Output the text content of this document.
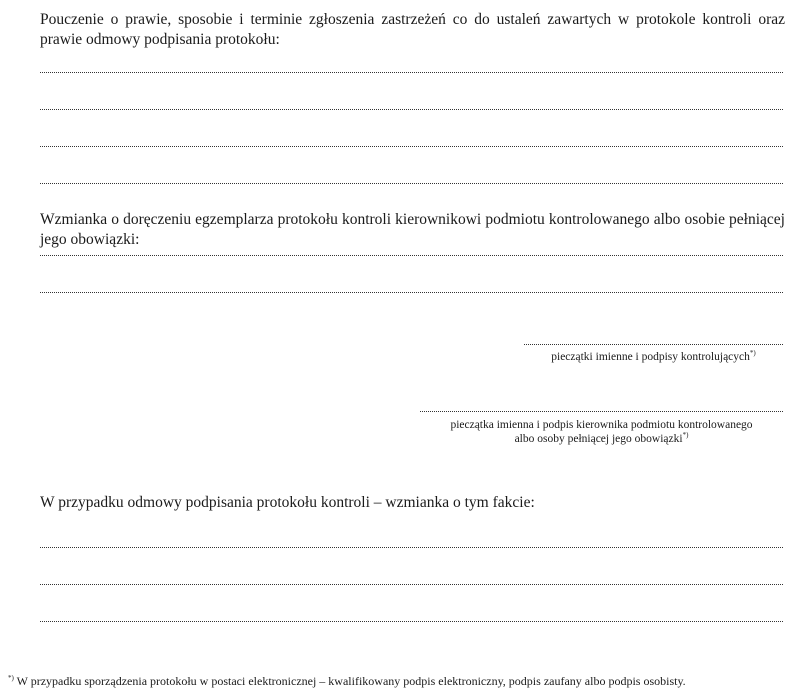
Pouczenie o prawie, sposobie i terminie zgłoszenia zastrzeżeń co do ustaleń zawartych w protokole kontroli oraz prawie odmowy podpisania protokołu:

Wzmianka o doręczeniu egzemplarza protokołu kontroli kierownikowi podmiotu kontrolowanego albo osobie pełniącej jego obowiązki:

pieczątki imienne i podpisy kontrolujących*)
pieczątka imienna i podpis kierownika podmiotu kontrolowanego
albo osoby pełniącej jego obowiązki*)

W przypadku odmowy podpisania protokołu kontroli – wzmianka o tym fakcie:

*) W przypadku sporządzenia protokołu w postaci elektronicznej – kwalifikowany podpis elektroniczny, podpis zaufany albo podpis osobisty.
